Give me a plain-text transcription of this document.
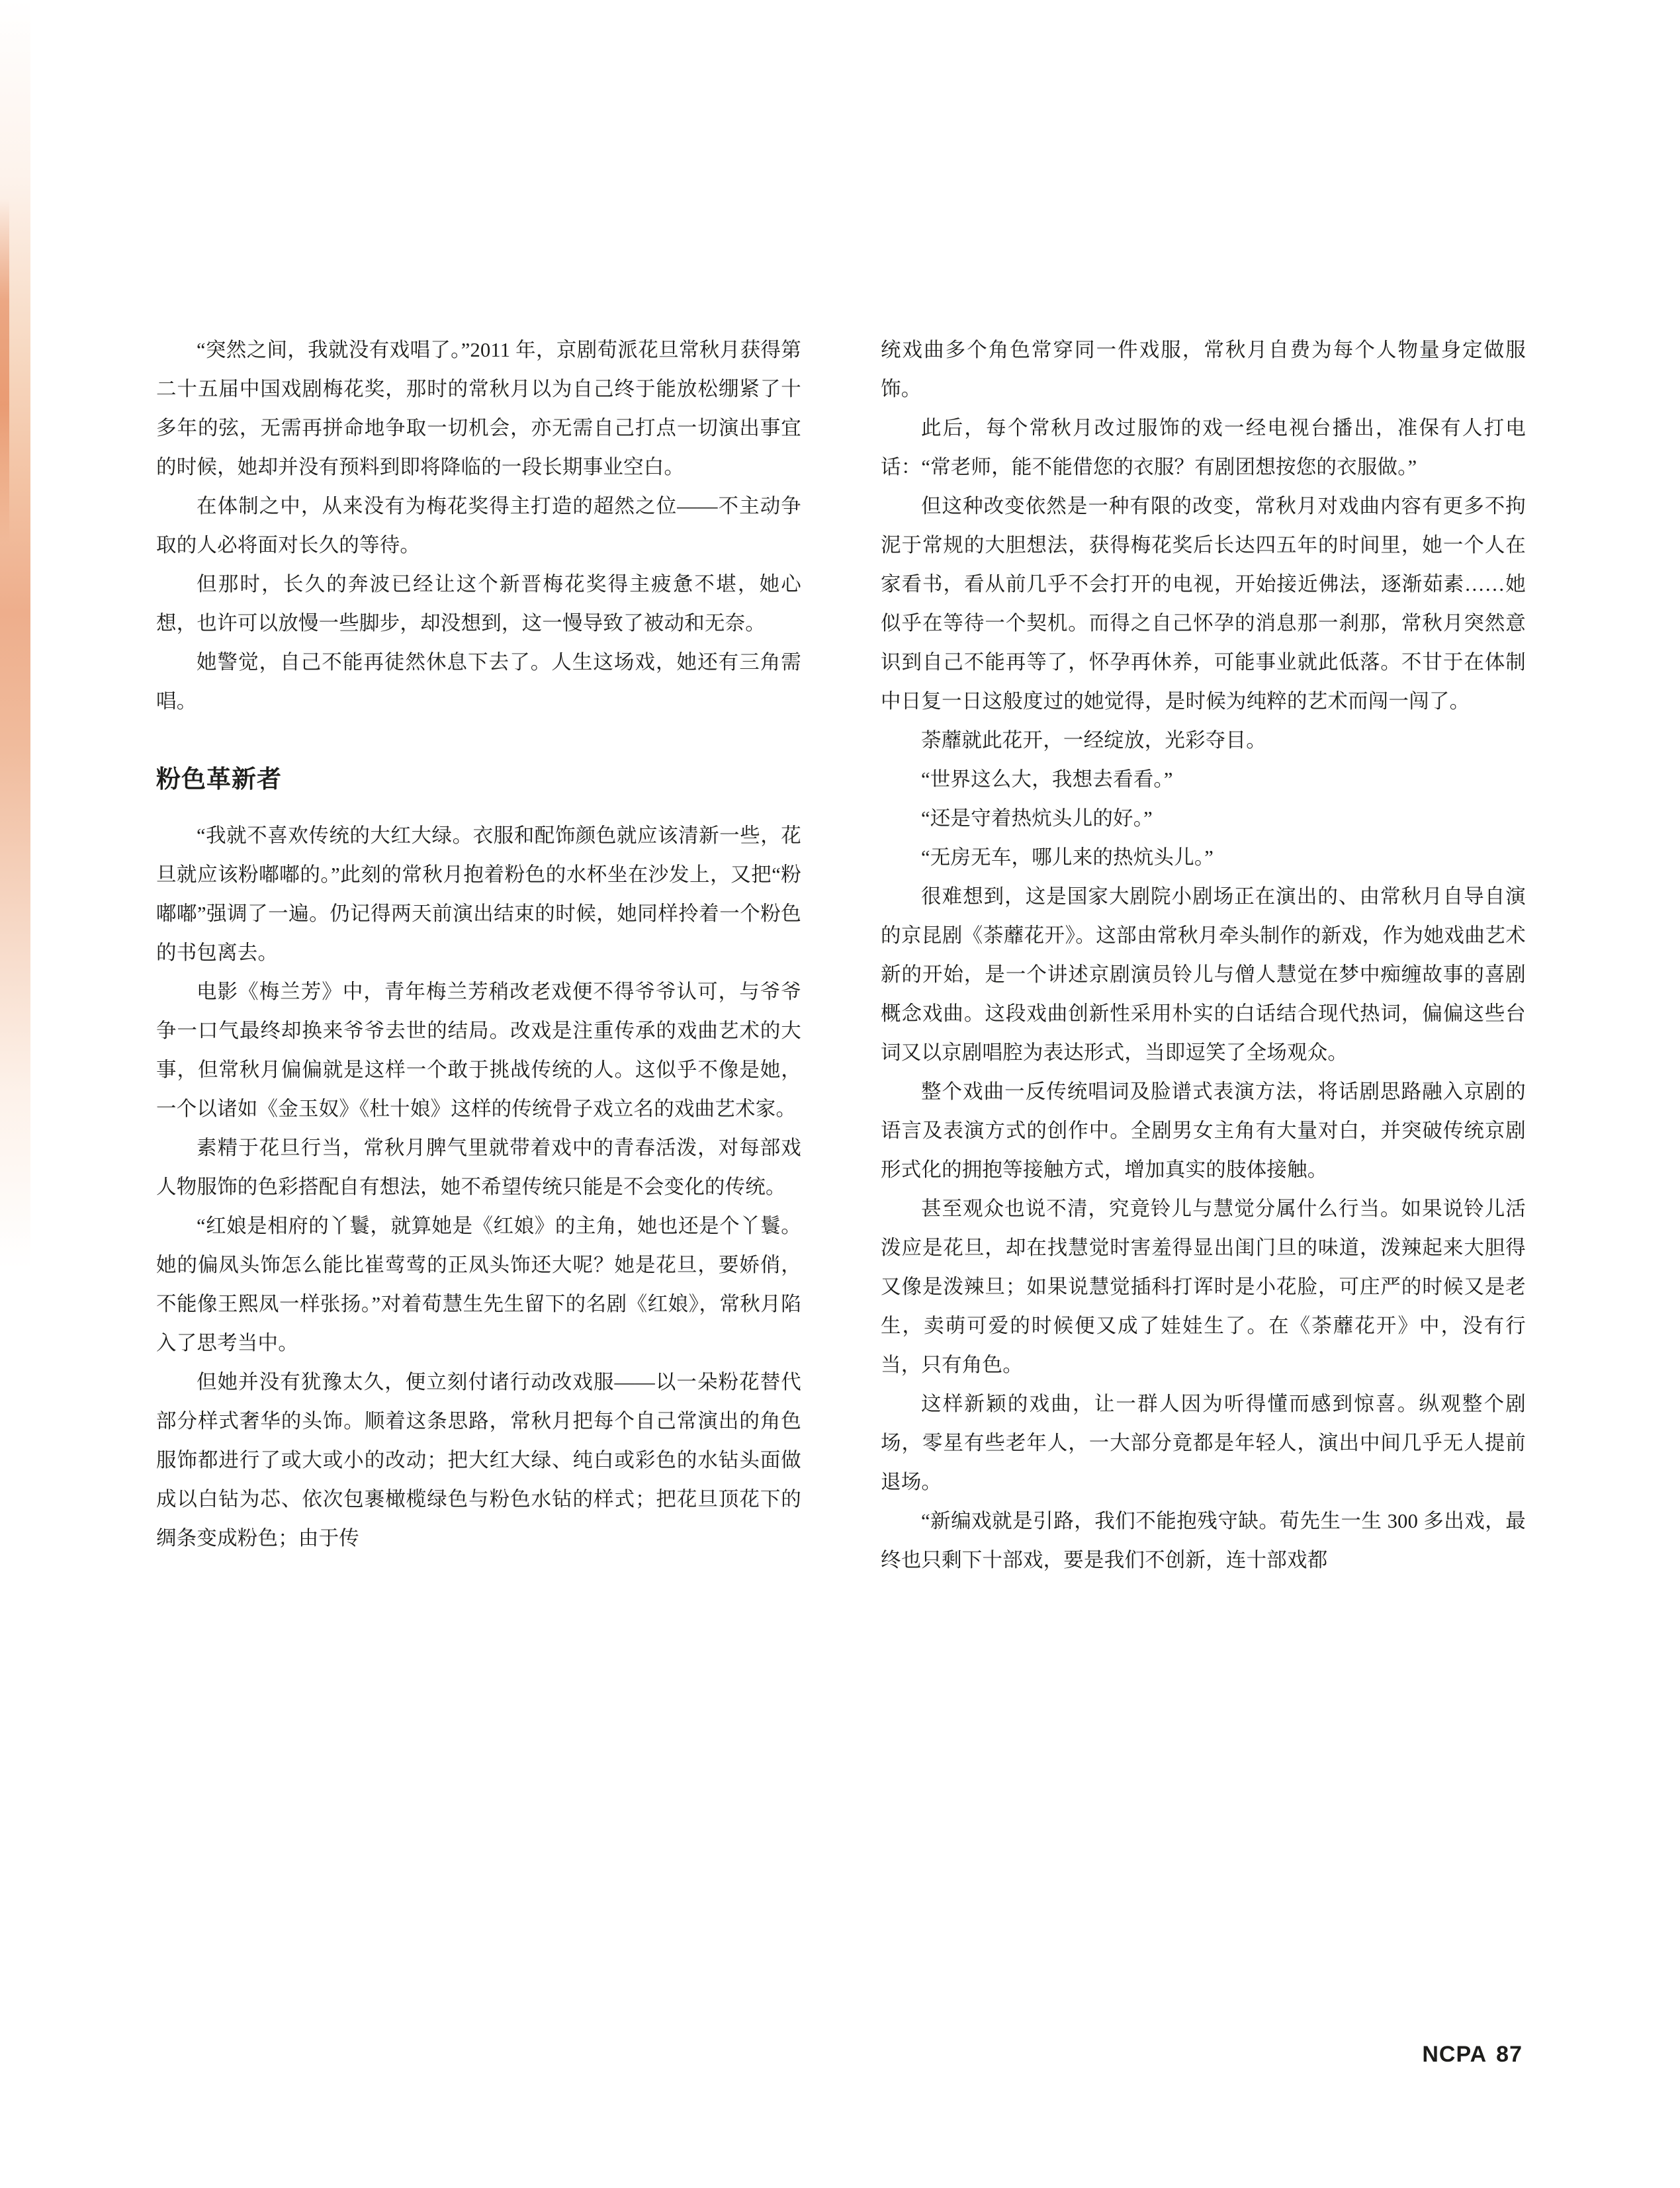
“突然之间，我就没有戏唱了。”2011 年，京剧荀派花旦常秋月获得第二十五届中国戏剧梅花奖，那时的常秋月以为自己终于能放松绷紧了十多年的弦，无需再拼命地争取一切机会，亦无需自己打点一切演出事宜的时候，她却并没有预料到即将降临的一段长期事业空白。

在体制之中，从来没有为梅花奖得主打造的超然之位——不主动争取的人必将面对长久的等待。

但那时，长久的奔波已经让这个新晋梅花奖得主疲惫不堪，她心想，也许可以放慢一些脚步，却没想到，这一慢导致了被动和无奈。

她警觉，自己不能再徒然休息下去了。人生这场戏，她还有三角需唱。

粉色革新者

“我就不喜欢传统的大红大绿。衣服和配饰颜色就应该清新一些，花旦就应该粉嘟嘟的。”此刻的常秋月抱着粉色的水杯坐在沙发上，又把“粉嘟嘟”强调了一遍。仍记得两天前演出结束的时候，她同样拎着一个粉色的书包离去。

电影《梅兰芳》中，青年梅兰芳稍改老戏便不得爷爷认可，与爷爷争一口气最终却换来爷爷去世的结局。改戏是注重传承的戏曲艺术的大事，但常秋月偏偏就是这样一个敢于挑战传统的人。这似乎不像是她，一个以诸如《金玉奴》《杜十娘》这样的传统骨子戏立名的戏曲艺术家。

素精于花旦行当，常秋月脾气里就带着戏中的青春活泼，对每部戏人物服饰的色彩搭配自有想法，她不希望传统只能是不会变化的传统。

“红娘是相府的丫鬟，就算她是《红娘》的主角，她也还是个丫鬟。她的偏凤头饰怎么能比崔莺莺的正凤头饰还大呢？她是花旦，要娇俏，不能像王熙凤一样张扬。”对着荀慧生先生留下的名剧《红娘》，常秋月陷入了思考当中。

但她并没有犹豫太久，便立刻付诸行动改戏服——以一朵粉花替代部分样式奢华的头饰。顺着这条思路，常秋月把每个自己常演出的角色服饰都进行了或大或小的改动；把大红大绿、纯白或彩色的水钻头面做成以白钻为芯、依次包裹橄榄绿色与粉色水钻的样式；把花旦顶花下的绸条变成粉色；由于传

统戏曲多个角色常穿同一件戏服，常秋月自费为每个人物量身定做服饰。

此后，每个常秋月改过服饰的戏一经电视台播出，准保有人打电话：“常老师，能不能借您的衣服？有剧团想按您的衣服做。”

但这种改变依然是一种有限的改变，常秋月对戏曲内容有更多不拘泥于常规的大胆想法，获得梅花奖后长达四五年的时间里，她一个人在家看书，看从前几乎不会打开的电视，开始接近佛法，逐渐茹素……她似乎在等待一个契机。而得之自己怀孕的消息那一刹那，常秋月突然意识到自己不能再等了，怀孕再休养，可能事业就此低落。不甘于在体制中日复一日这般度过的她觉得，是时候为纯粹的艺术而闯一闯了。

荼蘼就此花开，一经绽放，光彩夺目。

“世界这么大，我想去看看。”

“还是守着热炕头儿的好。”

“无房无车，哪儿来的热炕头儿。”

很难想到，这是国家大剧院小剧场正在演出的、由常秋月自导自演的京昆剧《荼蘼花开》。这部由常秋月牵头制作的新戏，作为她戏曲艺术新的开始，是一个讲述京剧演员铃儿与僧人慧觉在梦中痴缠故事的喜剧概念戏曲。这段戏曲创新性采用朴实的白话结合现代热词，偏偏这些台词又以京剧唱腔为表达形式，当即逗笑了全场观众。

整个戏曲一反传统唱词及脸谱式表演方法，将话剧思路融入京剧的语言及表演方式的创作中。全剧男女主角有大量对白，并突破传统京剧形式化的拥抱等接触方式，增加真实的肢体接触。

甚至观众也说不清，究竟铃儿与慧觉分属什么行当。如果说铃儿活泼应是花旦，却在找慧觉时害羞得显出闺门旦的味道，泼辣起来大胆得又像是泼辣旦；如果说慧觉插科打诨时是小花脸，可庄严的时候又是老生，卖萌可爱的时候便又成了娃娃生了。在《荼蘼花开》中，没有行当，只有角色。

这样新颖的戏曲，让一群人因为听得懂而感到惊喜。纵观整个剧场，零星有些老年人，一大部分竟都是年轻人，演出中间几乎无人提前退场。

“新编戏就是引路，我们不能抱残守缺。荀先生一生 300 多出戏，最终也只剩下十部戏，要是我们不创新，连十部戏都

NCPA 87
